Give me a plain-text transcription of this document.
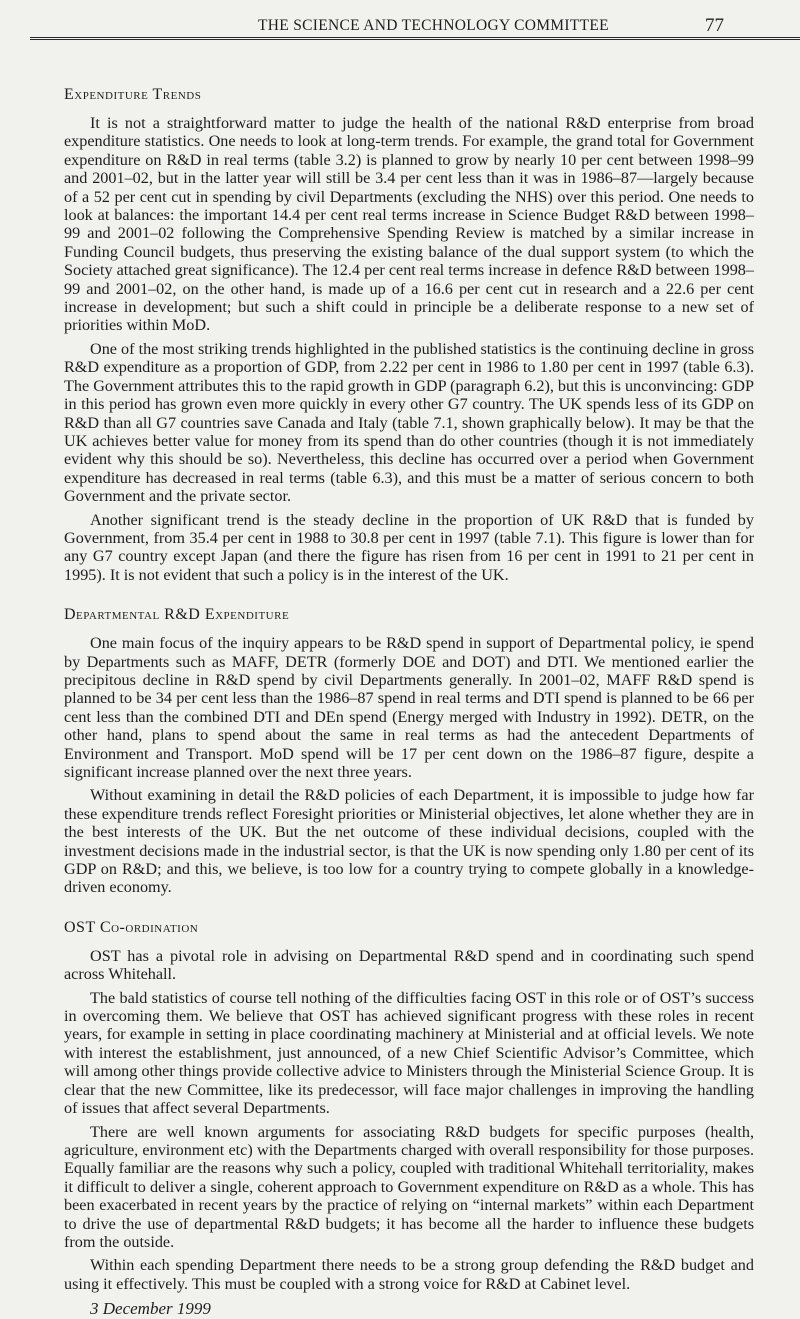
THE SCIENCE AND TECHNOLOGY COMMITTEE	77
Expenditure Trends

It is not a straightforward matter to judge the health of the national R&D enterprise from broad expenditure statistics. One needs to look at long-term trends. For example, the grand total for Government expenditure on R&D in real terms (table 3.2) is planned to grow by nearly 10 per cent between 1998–99 and 2001–02, but in the latter year will still be 3.4 per cent less than it was in 1986–87—largely because of a 52 per cent cut in spending by civil Departments (excluding the NHS) over this period. One needs to look at balances: the important 14.4 per cent real terms increase in Science Budget R&D between 1998–99 and 2001–02 following the Comprehensive Spending Review is matched by a similar increase in Funding Council budgets, thus preserving the existing balance of the dual support system (to which the Society attached great significance). The 12.4 per cent real terms increase in defence R&D between 1998–99 and 2001–02, on the other hand, is made up of a 16.6 per cent cut in research and a 22.6 per cent increase in development; but such a shift could in principle be a deliberate response to a new set of priorities within MoD.

One of the most striking trends highlighted in the published statistics is the continuing decline in gross R&D expenditure as a proportion of GDP, from 2.22 per cent in 1986 to 1.80 per cent in 1997 (table 6.3). The Government attributes this to the rapid growth in GDP (paragraph 6.2), but this is unconvincing: GDP in this period has grown even more quickly in every other G7 country. The UK spends less of its GDP on R&D than all G7 countries save Canada and Italy (table 7.1, shown graphically below). It may be that the UK achieves better value for money from its spend than do other countries (though it is not immediately evident why this should be so). Nevertheless, this decline has occurred over a period when Government expenditure has decreased in real terms (table 6.3), and this must be a matter of serious concern to both Government and the private sector.

Another significant trend is the steady decline in the proportion of UK R&D that is funded by Government, from 35.4 per cent in 1988 to 30.8 per cent in 1997 (table 7.1). This figure is lower than for any G7 country except Japan (and there the figure has risen from 16 per cent in 1991 to 21 per cent in 1995). It is not evident that such a policy is in the interest of the UK.

Departmental R&D Expenditure

One main focus of the inquiry appears to be R&D spend in support of Departmental policy, ie spend by Departments such as MAFF, DETR (formerly DOE and DOT) and DTI. We mentioned earlier the precipitous decline in R&D spend by civil Departments generally. In 2001–02, MAFF R&D spend is planned to be 34 per cent less than the 1986–87 spend in real terms and DTI spend is planned to be 66 per cent less than the combined DTI and DEn spend (Energy merged with Industry in 1992). DETR, on the other hand, plans to spend about the same in real terms as had the antecedent Departments of Environment and Transport. MoD spend will be 17 per cent down on the 1986–87 figure, despite a significant increase planned over the next three years.

Without examining in detail the R&D policies of each Department, it is impossible to judge how far these expenditure trends reflect Foresight priorities or Ministerial objectives, let alone whether they are in the best interests of the UK. But the net outcome of these individual decisions, coupled with the investment decisions made in the industrial sector, is that the UK is now spending only 1.80 per cent of its GDP on R&D; and this, we believe, is too low for a country trying to compete globally in a knowledge-driven economy.

OST Co-ordination

OST has a pivotal role in advising on Departmental R&D spend and in coordinating such spend across Whitehall.

The bald statistics of course tell nothing of the difficulties facing OST in this role or of OST’s success in overcoming them. We believe that OST has achieved significant progress with these roles in recent years, for example in setting in place coordinating machinery at Ministerial and at official levels. We note with interest the establishment, just announced, of a new Chief Scientific Advisor’s Committee, which will among other things provide collective advice to Ministers through the Ministerial Science Group. It is clear that the new Committee, like its predecessor, will face major challenges in improving the handling of issues that affect several Departments.

There are well known arguments for associating R&D budgets for specific purposes (health, agriculture, environment etc) with the Departments charged with overall responsibility for those purposes. Equally familiar are the reasons why such a policy, coupled with traditional Whitehall territoriality, makes it difficult to deliver a single, coherent approach to Government expenditure on R&D as a whole. This has been exacerbated in recent years by the practice of relying on “internal markets” within each Department to drive the use of departmental R&D budgets; it has become all the harder to influence these budgets from the outside.

Within each spending Department there needs to be a strong group defending the R&D budget and using it effectively. This must be coupled with a strong voice for R&D at Cabinet level.

3 December 1999
